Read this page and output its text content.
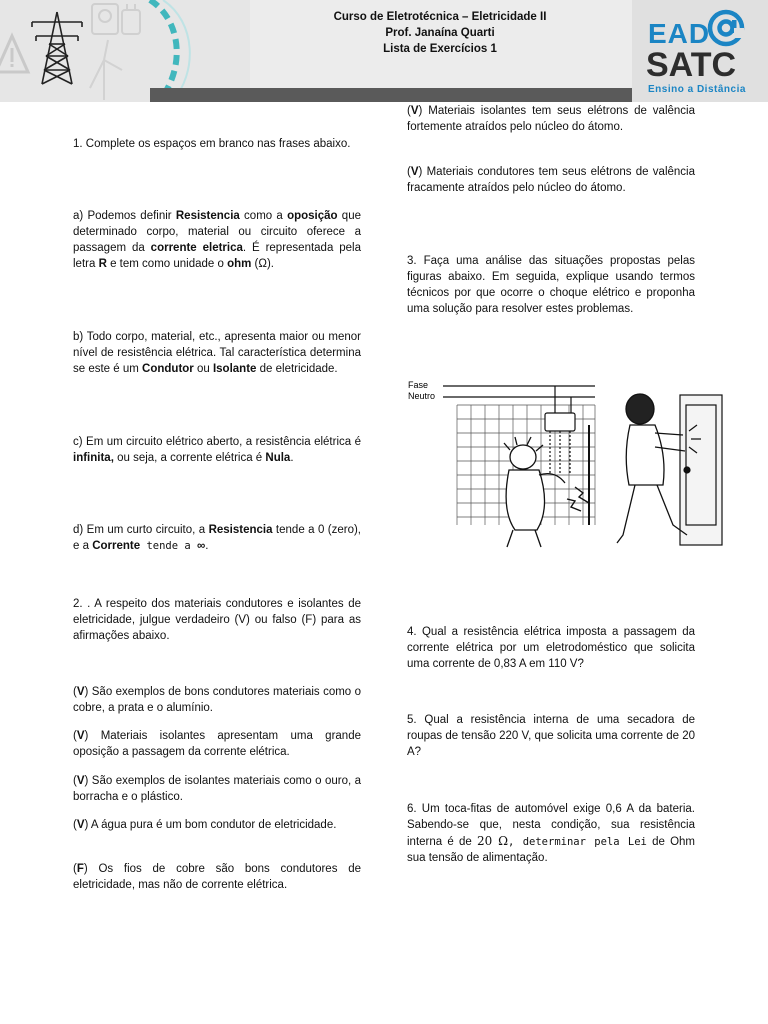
Curso de Eletrotécnica – Eletricidade II
Prof. Janaína Quarti
Lista de Exercícios 1	EAD
SATC
Ensino a Distância

1. Complete os espaços em branco nas frases abaixo.

a) Podemos definir Resistencia como a oposição que determinado corpo, material ou circuito oferece a passagem da corrente eletrica. É representada pela letra R e tem como unidade o ohm (Ω).

b) Todo corpo, material, etc., apresenta maior ou menor nível de resistência elétrica. Tal característica determina se este é um Condutor ou Isolante de eletricidade.

c) Em um circuito elétrico aberto, a resistência elétrica é infinita, ou seja, a corrente elétrica é Nula.

d) Em um curto circuito, a Resistencia tende a 0 (zero), e a Corrente tende a ∞.

2. . A respeito dos materiais condutores e isolantes de eletricidade, julgue verdadeiro (V) ou falso (F) para as afirmações abaixo.

(V) São exemplos de bons condutores materiais como o cobre, a prata e o alumínio.

(V) Materiais isolantes apresentam uma grande oposição a passagem da corrente elétrica.

(V) São exemplos de isolantes materiais como o ouro, a borracha e o plástico.

(V) A água pura é um bom condutor de eletricidade.

(F) Os fios de cobre são bons condutores de eletricidade, mas não de corrente elétrica.

(V) Materiais isolantes tem seus elétrons de valência fortemente atraídos pelo núcleo do átomo.

(V) Materiais condutores tem seus elétrons de valência fracamente atraídos pelo núcleo do átomo.

3. Faça uma análise das situações propostas pelas figuras abaixo. Em seguida, explique usando termos técnicos por que ocorre o choque elétrico e proponha uma solução para resolver estes problemas.

Fase
Neutro

4. Qual a resistência elétrica imposta a passagem da corrente elétrica por um eletrodoméstico que solicita uma corrente de 0,83 A em 110 V?

5. Qual a resistência interna de uma secadora de roupas de tensão 220 V, que solicita uma corrente de 20 A?

6. Um toca-fitas de automóvel exige 0,6 A da bateria. Sabendo-se que, nesta condição, sua resistência interna é de 20 Ω, determinar pela Lei de Ohm sua tensão de alimentação.
